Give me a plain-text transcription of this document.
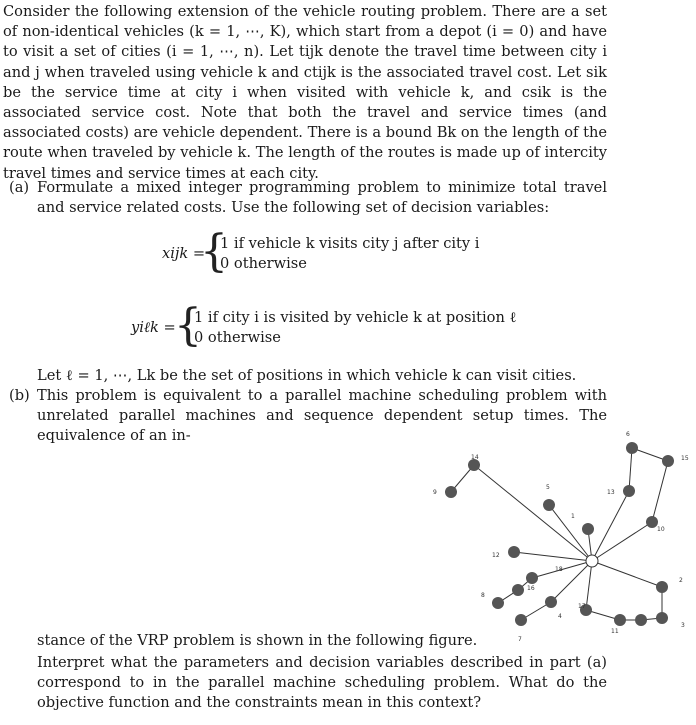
Consider the following extension of the vehicle routing problem. There are a set of non-identical vehicles (k = 1, ⋯, K), which start from a depot (i = 0) and have to visit a set of cities (i = 1, ⋯, n). Let tijk denote the travel time between city i and j when traveled using vehicle k and ctijk is the associated travel cost. Let sik be the service time at city i when visited with vehicle k, and csik is the associated service cost. Note that both the travel and service times (and associated costs) are vehicle dependent. There is a bound Bk on the length of the route when traveled by vehicle k. The length of the routes is made up of intercity travel times and service times at each city.
(a) Formulate a mixed integer programming problem to minimize total travel and service related costs. Use the following set of decision variables:
xijk =
{
1 if vehicle k visits city j after city i
0 otherwise
yiℓk =
{
1 if city i is visited by vehicle k at position ℓ
0 otherwise
Let ℓ = 1, ⋯, Lk be the set of positions in which vehicle k can visit cities.
(b) This problem is equivalent to a parallel machine scheduling problem with unrelated parallel machines and sequence dependent setup times. The equivalence of an in-
stance of the VRP problem is shown in the following figure.
Interpret what the parameters and decision variables described in part (a) correspond to in the parallel machine scheduling problem. What do the objective function and the constraints mean in this context?
14
9
5
1
13
6
15
10
2
3
11
12
18
16
8
17
4
7
